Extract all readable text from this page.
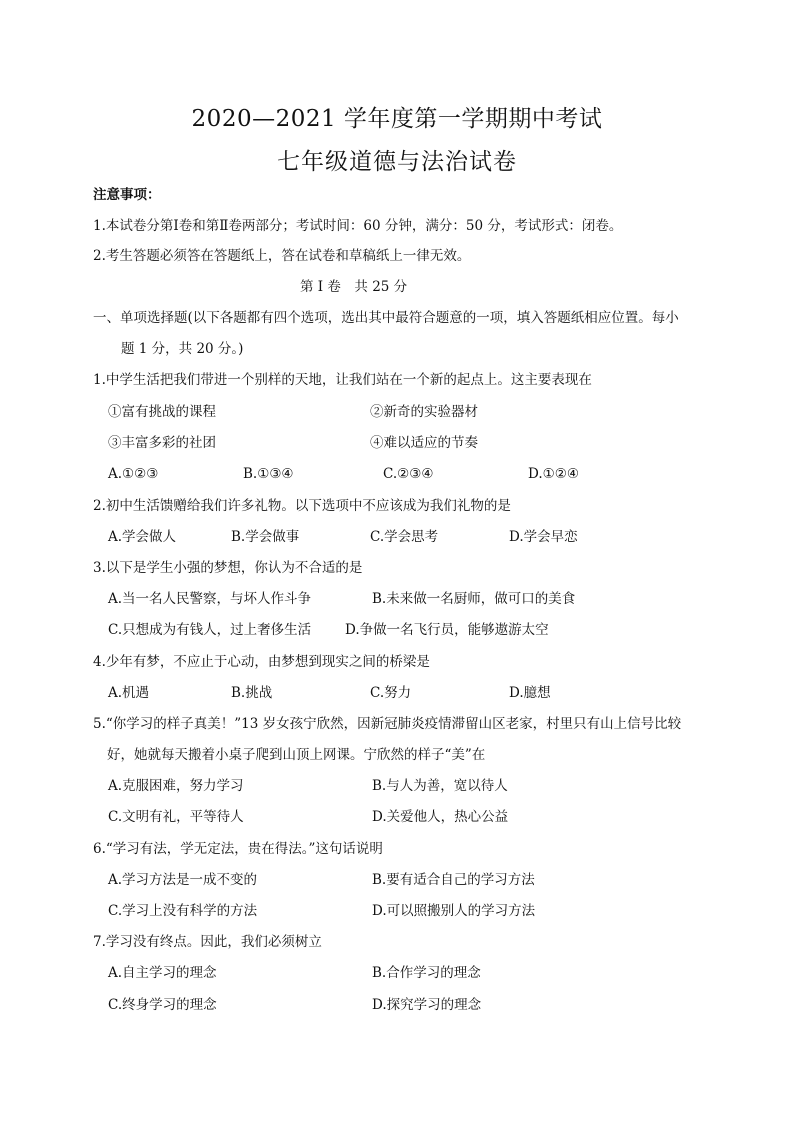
2020—2021 学年度第一学期期中考试
七年级道德与法治试卷
注意事项：
1.本试卷分第Ⅰ卷和第Ⅱ卷两部分；考试时间：60 分钟，满分：50 分，考试形式：闭卷。
2.考生答题必须答在答题纸上，答在试卷和草稿纸上一律无效。
第 I 卷　共 25 分
一、单项选择题(以下各题都有四个选项，选出其中最符合题意的一项，填入答题纸相应位置。每小
题 1 分，共 20 分。)
1.中学生活把我们带进一个别样的天地，让我们站在一个新的起点上。这主要表现在
①富有挑战的课程	②新奇的实验器材
③丰富多彩的社团	④难以适应的节奏
A.①②③	B.①③④	C.②③④	D.①②④
2.初中生活馈赠给我们许多礼物。以下选项中不应该成为我们礼物的是
A.学会做人	B.学会做事	C.学会思考	D.学会早恋
3.以下是学生小强的梦想，你认为不合适的是
A.当一名人民警察，与坏人作斗争	B.未来做一名厨师，做可口的美食
C.只想成为有钱人，过上奢侈生活	D.争做一名飞行员，能够遨游太空
4.少年有梦，不应止于心动，由梦想到现实之间的桥梁是
A.机遇	B.挑战	C.努力	D.臆想
5.“你学习的样子真美！”13 岁女孩宁欣然，因新冠肺炎疫情滞留山区老家，村里只有山上信号比较
好，她就每天搬着小桌子爬到山顶上网课。宁欣然的样子“美”在
A.克服困难，努力学习	B.与人为善，宽以待人
C.文明有礼，平等待人	D.关爱他人，热心公益
6.“学习有法，学无定法，贵在得法。”这句话说明
A.学习方法是一成不变的	B.要有适合自己的学习方法
C.学习上没有科学的方法	D.可以照搬别人的学习方法
7.学习没有终点。因此，我们必须树立
A.自主学习的理念	B.合作学习的理念
C.终身学习的理念	D.探究学习的理念
